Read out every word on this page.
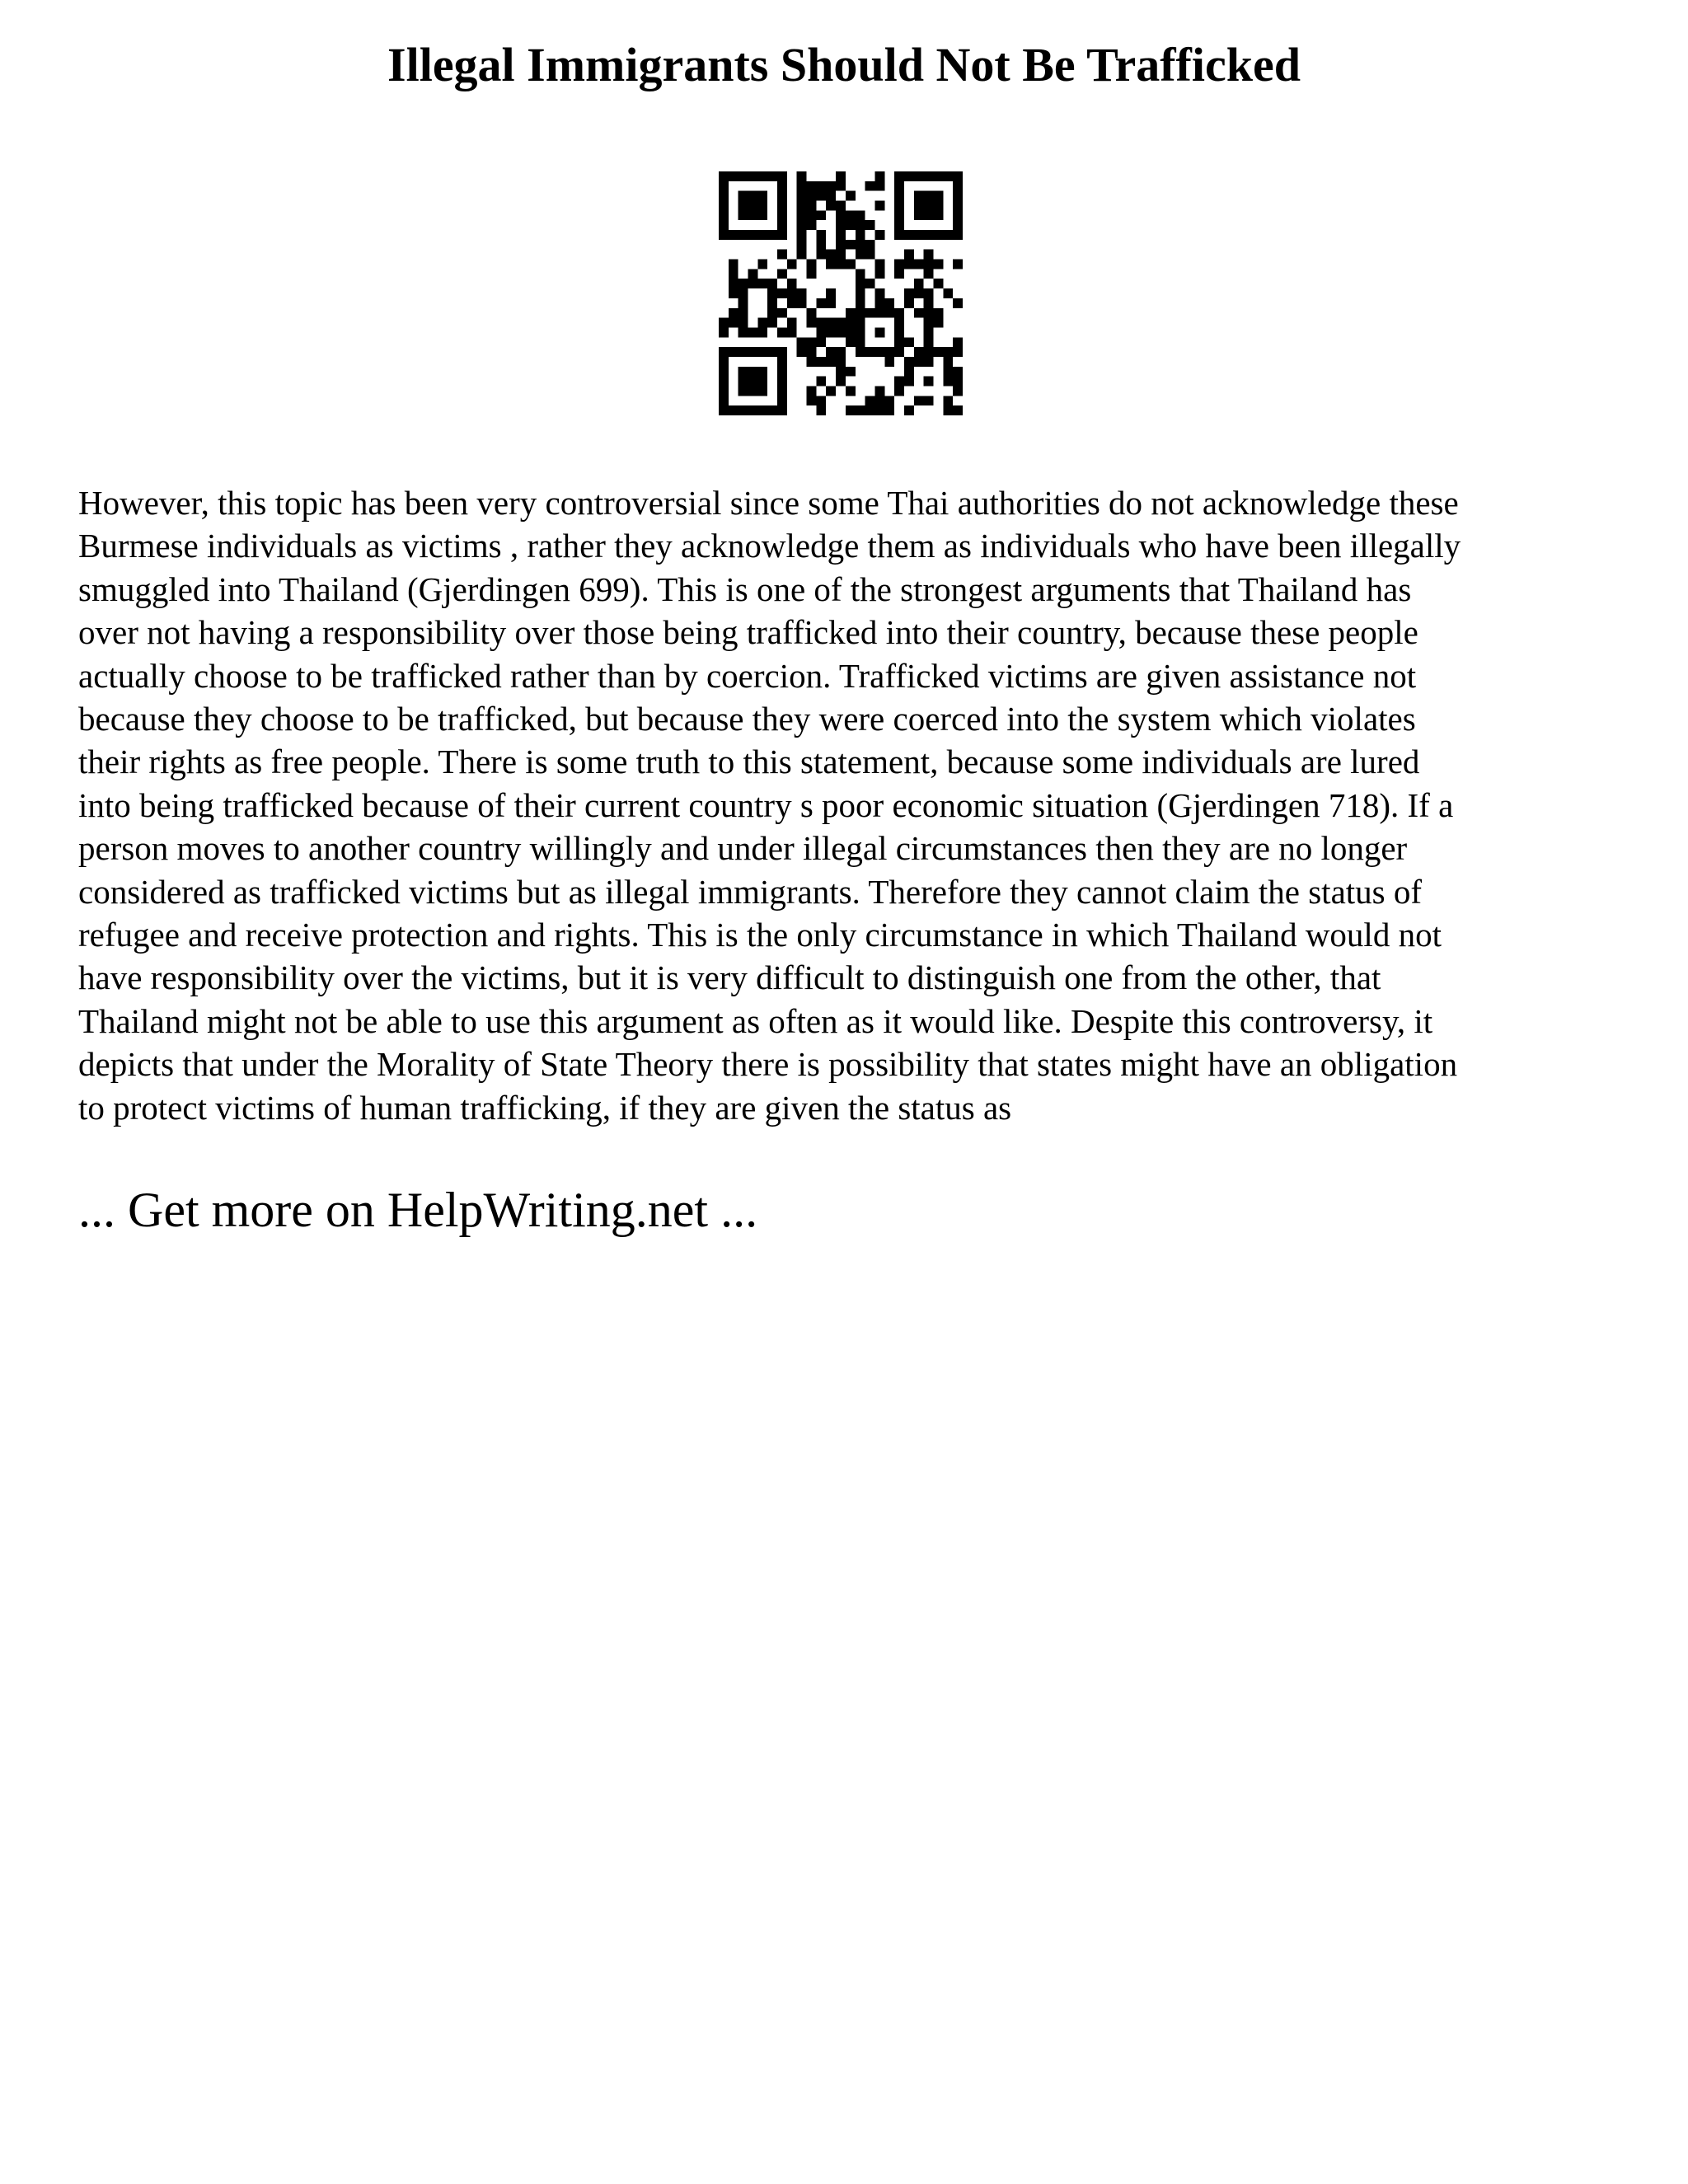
Illegal Immigrants Should Not Be Trafficked

However, this topic has been very controversial since some Thai authorities do not acknowledge these
Burmese individuals as victims , rather they acknowledge them as individuals who have been illegally
smuggled into Thailand (Gjerdingen 699). This is one of the strongest arguments that Thailand has
over not having a responsibility over those being trafficked into their country, because these people
actually choose to be trafficked rather than by coercion. Trafficked victims are given assistance not
because they choose to be trafficked, but because they were coerced into the system which violates
their rights as free people. There is some truth to this statement, because some individuals are lured
into being trafficked because of their current country s poor economic situation (Gjerdingen 718). If a
person moves to another country willingly and under illegal circumstances then they are no longer
considered as trafficked victims but as illegal immigrants. Therefore they cannot claim the status of
refugee and receive protection and rights. This is the only circumstance in which Thailand would not
have responsibility over the victims, but it is very difficult to distinguish one from the other, that
Thailand might not be able to use this argument as often as it would like. Despite this controversy, it
depicts that under the Morality of State Theory there is possibility that states might have an obligation
to protect victims of human trafficking, if they are given the status as

... Get more on HelpWriting.net ...
